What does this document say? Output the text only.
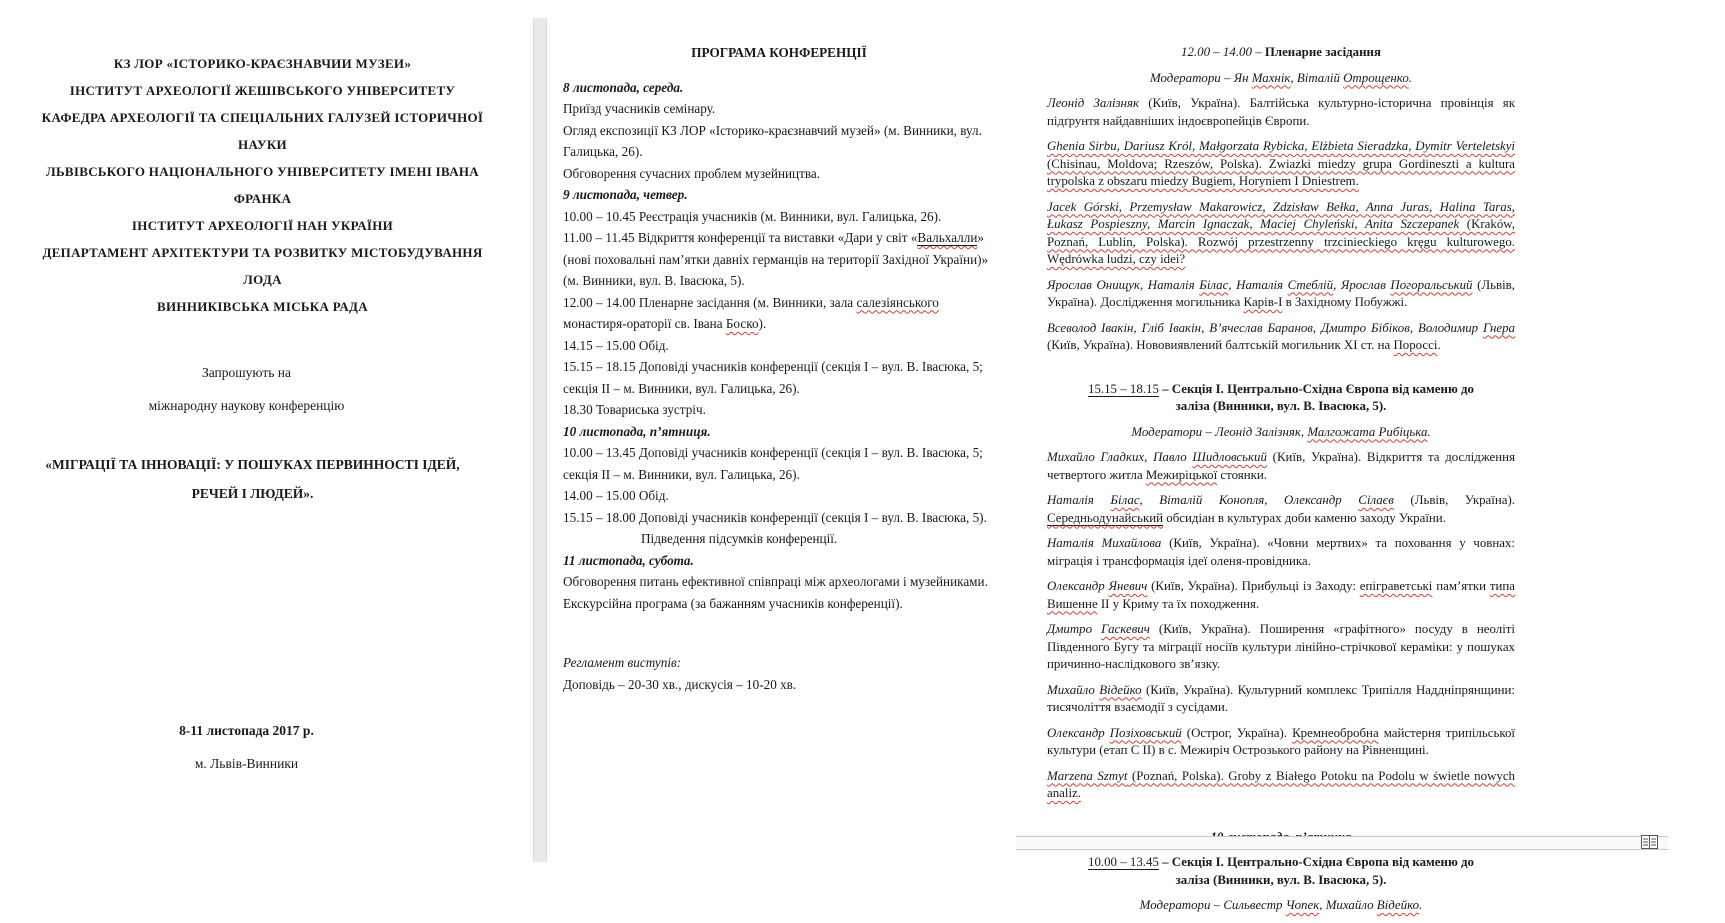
КЗ ЛОР «ІСТОРИКО-КРАЄЗНАВЧИИ МУЗЕИ»

ІНСТИТУТ АРХЕОЛОГІЇ ЖЕШІВСЬКОГО УНІВЕРСИТЕТУ

КАФЕДРА АРХЕОЛОГІЇ ТА СПЕЦІАЛЬНИХ ГАЛУЗЕЙ ІСТОРИЧНОЇ НАУКИ

ЛЬВІВСЬКОГО НАЦІОНАЛЬНОГО УНІВЕРСИТЕТУ ІМЕНІ ІВАНА ФРАНКА

ІНСТИТУТ АРХЕОЛОГІЇ НАН УКРАЇНИ

ДЕПАРТАМЕНТ АРХІТЕКТУРИ ТА РОЗВИТКУ МІСТОБУДУВАННЯ ЛОДА

ВИННИКІВСЬКА МІСЬКА РАДА

Запрошують на

міжнародну наукову конференцію

«МІГРАЦІЇ ТА ІННОВАЦІЇ: У ПОШУКАХ ПЕРВИННОСТІ ІДЕЙ, РЕЧЕЙ І ЛЮДЕЙ».

8-11 листопада 2017 р.

м. Львів-Винники

ПРОГРАМА КОНФЕРЕНЦІЇ

8 листопада, середа.

Приїзд учасників семінару.

Огляд експозиції КЗ ЛОР «Історико-краєзнавчий музей» (м. Винники, вул. Галицька, 26).

Обговорення сучасних проблем музейництва.

9 листопада, четвер.

10.00 – 10.45 Реєстрація учасників (м. Винники, вул. Галицька, 26).

11.00 – 11.45 Відкриття конференції та виставки «Дари у світ «Вальхалли» (нові поховальні пам’ятки давніх германців на території Західної України)» (м. Винники, вул. В. Івасюка, 5).

12.00 – 14.00 Пленарне засідання (м. Винники, зала салезіянського монастиря-ораторії св. Івана Боско).

14.15 – 15.00 Обід.

15.15 – 18.15 Доповіді учасників конференції (секція І – вул. В. Івасюка, 5; секція ІІ – м. Винники, вул. Галицька, 26).

18.30 Товариська зустріч.

10 листопада, п’ятниця.

10.00 – 13.45 Доповіді учасників конференції (секція І – вул. В. Івасюка, 5; секція ІІ – м. Винники, вул. Галицька, 26).

14.00 – 15.00 Обід.

15.15 – 18.00 Доповіді учасників конференції (секція І – вул. В. Івасюка, 5).

Підведення підсумків конференції.

11 листопада, субота.

Обговорення питань ефективної співпраці між археологами і музейниками.

Екскурсійна програма (за бажанням учасників конференції).

Регламент виступів:

Доповідь – 20-30 хв., дискусія – 10-20 хв.

12.00 – 14.00 – Пленарне засідання

Модератори – Ян Махнік, Віталій Отрощенко.

Леонід Залізняк (Київ, Україна). Балтійська культурно-історична провінція як підґрунтя найдавніших індоєвропейців Європи.

Ghenia Sirbu, Dariusz Król, Małgorzata Rybicka, Elżbieta Sieradzka, Dymitr Verteletskyi (Chisinau, Moldova; Rzeszów, Polska). Zwiazki miedzy grupa Gordineszti a kultura trypolska z obszaru miedzy Bugiem, Horyniem I Dniestrem.

Jacek Górski, Przemysław Makarowicz, Zdzisław Bełka, Anna Juras, Halina Taras, Łukasz Pospieszny, Marcin Ignaczak, Maciej Chyleński, Anita Szczepanek (Kraków, Poznań, Lublin, Polska). Rozwój przestrzenny trzcinieckiego kręgu kulturowego. Wędrówka ludzi, czy idei?

Ярослав Онищук, Наталія Білас, Наталія Стеблій, Ярослав Погоральський (Львів, Україна). Дослідження могильника Карів-І в Західному Побужжі.

Всеволод Івакін, Гліб Івакін, В’ячеслав Баранов, Дмитро Бібіков, Володимир Гнера (Київ, Україна). Нововиявлений балтській могильник ХІ ст. на Пороссі.

15.15 – 18.15 – Секція І. Центрально-Східна Європа від каменю до заліза (Винники, вул. В. Івасюка, 5).

Модератори – Леонід Залізняк, Малгожата Рибіцька.

Михайло Гладких, Павло Шидловський (Київ, Україна). Відкриття та дослідження четвертого житла Межиріцької стоянки.

Наталія Білас, Віталій Конопля, Олександр Сілаєв (Львів, Україна). Середньодунайський обсидіан в культурах доби каменю заходу України.

Наталія Михайлова (Київ, Україна). «Човни мертвих» та поховання у човнах: міграція і трансформація ідеї оленя-провідника.

Олександр Яневич (Київ, Україна). Прибульці із Заходу: епіграветські пам’ятки типа Вишенне ІІ у Криму та їх походження.

Дмитро Гаскевич (Київ, Україна). Поширення «графітного» посуду в неоліті Південного Бугу та міграції носіїв культури лінійно-стрічкової кераміки: у пошуках причинно-наслідкового зв’язку.

Михайло Відейко (Київ, Україна). Культурний комплекс Трипілля Наддніпрянщини: тисячоліття взаємодії з сусідами.

Олександр Позіховський (Острог, Україна). Кремнеобробна майстерня трипільської культури (етап С ІІ) в с. Межиріч Острозького району на Рівненщині.

Marzena Szmyt (Poznań, Polska). Groby z Białego Potoku na Podolu w świetle nowych analiz.

10.00 – 13.45 – Секція І. Центрально-Східна Європа від каменю до заліза (Винники, вул. В. Івасюка, 5).

Модератори – Сильвестр Чопек, Михайло Відейко.
